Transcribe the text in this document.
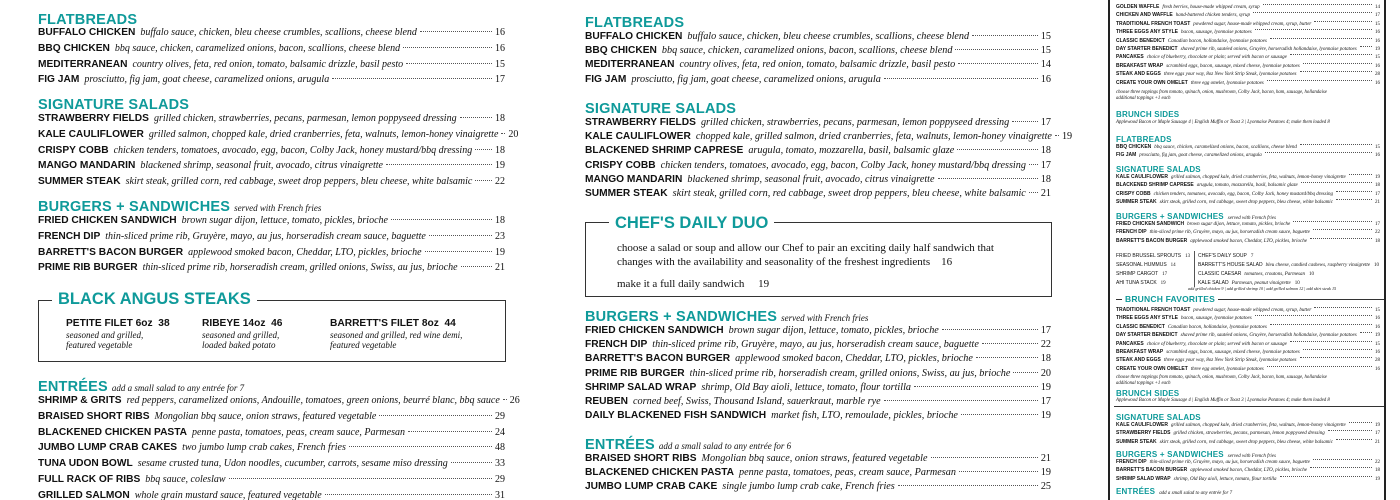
FLATBREADS
BUFFALO CHICKEN buffalo sauce, chicken, bleu cheese crumbles, scallions, cheese blend	16
BBQ CHICKEN bbq sauce, chicken, caramelized onions, bacon, scallions, cheese blend	16
MEDITERRANEAN country olives, feta, red onion, tomato, balsamic drizzle, basil pesto	15
FIG JAM prosciutto, fig jam, goat cheese, caramelized onions, arugula	17
SIGNATURE SALADS
STRAWBERRY FIELDS grilled chicken, strawberries, pecans, parmesan, lemon poppyseed dressing	18
KALE CAULIFLOWER grilled salmon, chopped kale, dried cranberries, feta, walnuts, lemon-honey vinaigrette 20
CRISPY COBB chicken tenders, tomatoes, avocado, egg, bacon, Colby Jack, honey mustard/bbq dressing 18
MANGO MANDARIN blackened shrimp, seasonal fruit, avocado, citrus vinaigrette	19
SUMMER STEAK skirt steak, grilled corn, red cabbage, sweet drop peppers, bleu cheese, white balsamic 22
BURGERS + SANDWICHES served with French fries
FRIED CHICKEN SANDWICH brown sugar dijon, lettuce, tomato, pickles, brioche	18
FRENCH DIP thin-sliced prime rib, Gruyère, mayo, au jus, horseradish cream sauce, baguette	23
BARRETT'S BACON BURGER applewood smoked bacon, Cheddar, LTO, pickles, brioche	19
PRIME RIB BURGER thin-sliced prime rib, horseradish cream, grilled onions, Swiss, au jus, brioche	21
BLACK ANGUS STEAKS
PETITE FILET 6oz 38
seasoned and grilled,
featured vegetable
RIBEYE 14oz 46
seasoned and grilled,
loaded baked potato
BARRETT'S FILET 8oz 44
seasoned and grilled, red wine demi,
featured vegetable
ENTRÉES add a small salad to any entrée for 7
SHRIMP & GRITS red peppers, caramelized onions, Andouille, tomatoes, green onions, beurré blanc, bbq sauce 26
BRAISED SHORT RIBS Mongolian bbq sauce, onion straws, featured vegetable	29
BLACKENED CHICKEN PASTA penne pasta, tomatoes, peas, cream sauce, Parmesan	24
JUMBO LUMP CRAB CAKES two jumbo lump crab cakes, French fries	48
TUNA UDON BOWL sesame crusted tuna, Udon noodles, cucumber, carrots, sesame miso dressing	33
FULL RACK OF RIBS bbq sauce, coleslaw	29
GRILLED SALMON whole grain mustard sauce, featured vegetable	31
FLATBREADS
BUFFALO CHICKEN buffalo sauce, chicken, bleu cheese crumbles, scallions, cheese blend	15
BBQ CHICKEN bbq sauce, chicken, caramelized onions, bacon, scallions, cheese blend	15
MEDITERRANEAN country olives, feta, red onion, tomato, balsamic drizzle, basil pesto	14
FIG JAM prosciutto, fig jam, goat cheese, caramelized onions, arugula	16
SIGNATURE SALADS
STRAWBERRY FIELDS grilled chicken, strawberries, pecans, parmesan, lemon poppyseed dressing	17
KALE CAULIFLOWER chopped kale, grilled salmon, dried cranberries, feta, walnuts, lemon-honey vinaigrette 19
BLACKENED SHRIMP CAPRESE arugula, tomato, mozzarella, basil, balsamic glaze	18
CRISPY COBB chicken tenders, tomatoes, avocado, egg, bacon, Colby Jack, honey mustard/bbq dressing 17
MANGO MANDARIN blackened shrimp, seasonal fruit, avocado, citrus vinaigrette	18
SUMMER STEAK skirt steak, grilled corn, red cabbage, sweet drop peppers, bleu cheese, white balsamic 21
CHEF'S DAILY DUO
choose a salad or soup and allow our Chef to pair an exciting daily half sandwich that
changes with the availability and seasonality of the freshest ingredients 16
make it a full daily sandwich 19
BURGERS + SANDWICHES served with French fries
FRIED CHICKEN SANDWICH brown sugar dijon, lettuce, tomato, pickles, brioche	17
FRENCH DIP thin-sliced prime rib, Gruyère, mayo, au jus, horseradish cream sauce, baguette	22
BARRETT'S BACON BURGER applewood smoked bacon, Cheddar, LTO, pickles, brioche	18
PRIME RIB BURGER thin-sliced prime rib, horseradish cream, grilled onions, Swiss, au jus, brioche	20
SHRIMP SALAD WRAP shrimp, Old Bay aioli, lettuce, tomato, flour tortilla	19
REUBEN corned beef, Swiss, Thousand Island, sauerkraut, marble rye	17
DAILY BLACKENED FISH SANDWICH market fish, LTO, remoulade, pickles, brioche	19
ENTRÉES add a small salad to any entrée for 6
BRAISED SHORT RIBS Mongolian bbq sauce, onion straws, featured vegetable	21
BLACKENED CHICKEN PASTA penne pasta, tomatoes, peas, cream sauce, Parmesan	19
JUMBO LUMP CRAB CAKE single jumbo lump crab cake, French fries	25
GOLDEN WAFFLE fresh berries, house-made whipped cream, syrup	14
CHICKEN AND WAFFLE hand-battered chicken tenders, syrup	17
TRADITIONAL FRENCH TOAST powdered sugar, house-made whipped cream, syrup, butter	15
THREE EGGS ANY STYLE bacon, sausage, lyonnaise potatoes	16
CLASSIC BENEDICT Canadian bacon, hollandaise, lyonnaise potatoes	16
DAY STARTER BENEDICT shaved prime rib, sautéed onions, Gruyère, horseradish hollandaise, lyonnaise potatoes	19
PANCAKES choice of blueberry, chocolate or plain; served with bacon or sausage	15
BREAKFAST WRAP scrambled eggs, bacon, sausage, mixed cheese, lyonnaise potatoes	16
STEAK AND EGGS three eggs your way, 8oz New York Strip Steak, lyonnaise potatoes	28
CREATE YOUR OWN OMELET three egg omelet, lyonnaise potatoes	16
choose three toppings from tomato, spinach, onion, mushroom, Colby Jack, bacon, ham, sausage, hollandaise
additional toppings +1 each
BRUNCH SIDES
Applewood Bacon or Maple Sausage 4 | English Muffin or Toast 3 | Lyonnaise Potatoes 4; make them loaded 8
FLATBREADS
BBQ CHICKEN bbq sauce, chicken, caramelized onions, bacon, scallions, cheese blend	15
FIG JAM prosciutto, fig jam, goat cheese, caramelized onions, arugula	16
SIGNATURE SALADS
KALE CAULIFLOWER grilled salmon, chopped kale, dried cranberries, feta, walnuts, lemon-honey vinaigrette	19
BLACKENED SHRIMP CAPRESE arugula, tomato, mozzarella, basil, balsamic glaze	18
CRISPY COBB chicken tenders, tomatoes, avocado, egg, bacon, Colby Jack, honey mustard/bbq dressing	17
SUMMER STEAK skirt steak, grilled corn, red cabbage, sweet drop peppers, bleu cheese, white balsamic	21
BURGERS + SANDWICHES served with French fries
FRIED CHICKEN SANDWICH brown sugar dijon, lettuce, tomato, pickles, brioche	17
FRENCH DIP thin-sliced prime rib, Gruyère, mayo, au jus, horseradish cream sauce, baguette	22
BARRETT'S BACON BURGER applewood smoked bacon, Cheddar, LTO, pickles, brioche	18
FRIED BRUSSEL SPROUTS 13
SEASONAL HUMMUS 14
SHRIMP CARGOT 17
AHI TUNA STACK 19
CHEF'S DAILY SOUP 7
BARRETT'S HOUSE SALAD bleu cheese, candied cashews, raspberry vinaigrette 10
CLASSIC CAESAR tomatoes, croutons, Parmesan 10
KALE SALAD Parmesan, peanut vinaigrette 10
add grilled chicken 9 | add grilled shrimp 10 | add grilled salmon 12 | add skirt steak 15
BRUNCH FAVORITES
TRADITIONAL FRENCH TOAST powdered sugar, house-made whipped cream, syrup, butter	15
THREE EGGS ANY STYLE bacon, sausage, lyonnaise potatoes	16
CLASSIC BENEDICT Canadian bacon, hollandaise, lyonnaise potatoes	16
DAY STARTER BENEDICT shaved prime rib, sautéed onions, Gruyère, horseradish hollandaise, lyonnaise potatoes	19
PANCAKES choice of blueberry, chocolate or plain; served with bacon or sausage	15
BREAKFAST WRAP scrambled eggs, bacon, sausage, mixed cheese, lyonnaise potatoes	16
STEAK AND EGGS three eggs your way, 8oz New York Strip Steak, lyonnaise potatoes	28
CREATE YOUR OWN OMELET three egg omelet, lyonnaise potatoes	16
choose three toppings from tomato, spinach, onion, mushroom, Colby Jack, bacon, ham, sausage, hollandaise
additional toppings +1 each
BRUNCH SIDES
Applewood Bacon or Maple Sausage 4 | English Muffin or Toast 3 | Lyonnaise Potatoes 4; make them loaded 8
SIGNATURE SALADS
KALE CAULIFLOWER grilled salmon, chopped kale, dried cranberries, feta, walnuts, lemon-honey vinaigrette	19
STRAWBERRY FIELDS grilled chicken, strawberries, pecans, parmesan, lemon poppyseed dressing	17
SUMMER STEAK skirt steak, grilled corn, red cabbage, sweet drop peppers, bleu cheese, white balsamic	21
BURGERS + SANDWICHES served with French fries
FRENCH DIP thin-sliced prime rib, Gruyère, mayo, au jus, horseradish cream sauce, baguette	22
BARRETT'S BACON BURGER applewood smoked bacon, Cheddar, LTO, pickles, brioche	18
SHRIMP SALAD WRAP shrimp, Old Bay aioli, lettuce, tomato, flour tortilla	19
ENTRÉES add a small salad to any entrée for 7
